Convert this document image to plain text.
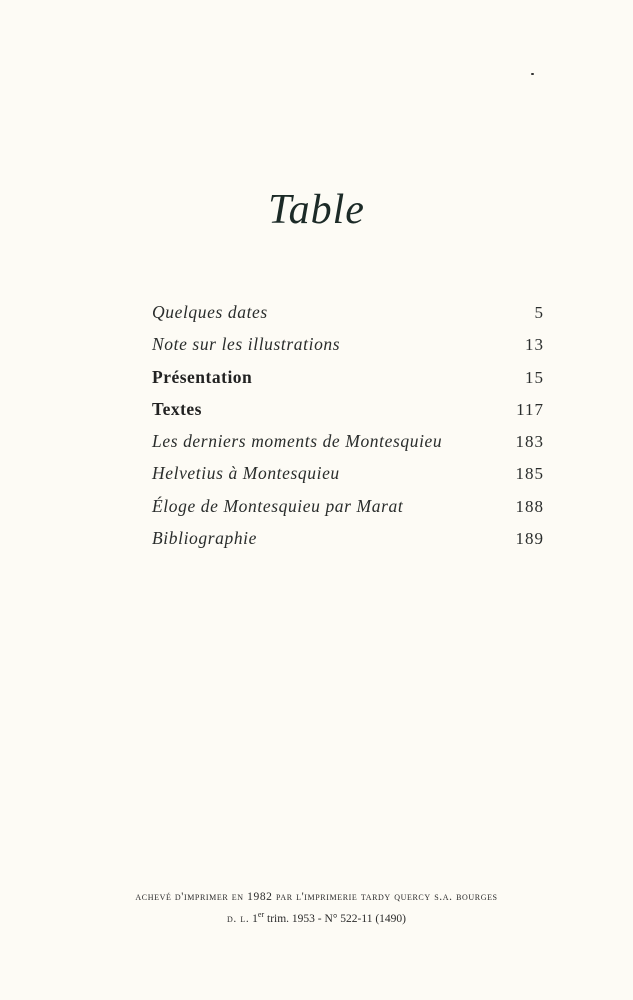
Table
Quelques dates	5
Note sur les illustrations	13
Présentation	15
Textes	117
Les derniers moments de Montesquieu	183
Helvetius à Montesquieu	185
Éloge de Montesquieu par Marat	188
Bibliographie	189
achevé d'imprimer en 1982 par l'imprimerie tardy quercy s.a. bourges
d. l. 1er trim. 1953 - N° 522-11 (1490)
